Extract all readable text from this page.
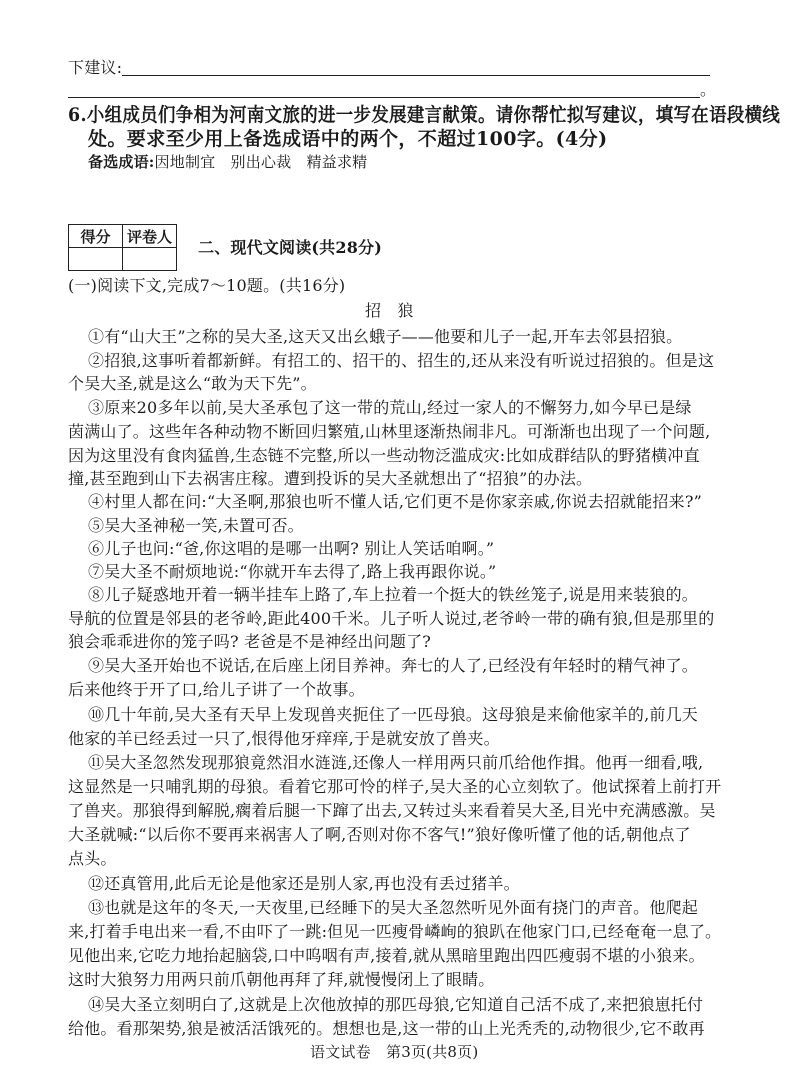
下建议:
。
6.小组成员们争相为河南文旅的进一步发展建言献策。请你帮忙拟写建议，填写在语段横线
处。要求至少用上备选成语中的两个，不超过100字。(4分)
备选成语:因地制宜　别出心裁　精益求精
得分	评卷人

二、现代文阅读(共28分)
(一)阅读下文,完成7～10题。(共16分)
招　狼
①有“山大王”之称的吴大圣,这天又出幺蛾子——他要和儿子一起,开车去邻县招狼。
②招狼,这事听着都新鲜。有招工的、招干的、招生的,还从来没有听说过招狼的。但是这
个吴大圣,就是这么“敢为天下先”。
③原来20多年以前,吴大圣承包了这一带的荒山,经过一家人的不懈努力,如今早已是绿
茵满山了。这些年各种动物不断回归繁殖,山林里逐渐热闹非凡。可渐渐也出现了一个问题,
因为这里没有食肉猛兽,生态链不完整,所以一些动物泛滥成灾:比如成群结队的野猪横冲直
撞,甚至跑到山下去祸害庄稼。遭到投诉的吴大圣就想出了“招狼”的办法。
④村里人都在问:“大圣啊,那狼也听不懂人话,它们更不是你家亲戚,你说去招就能招来?”
⑤吴大圣神秘一笑,未置可否。
⑥儿子也问:“爸,你这唱的是哪一出啊? 别让人笑话咱啊。”
⑦吴大圣不耐烦地说:“你就开车去得了,路上我再跟你说。”
⑧儿子疑惑地开着一辆半挂车上路了,车上拉着一个挺大的铁丝笼子,说是用来装狼的。
导航的位置是邻县的老爷岭,距此400千米。儿子听人说过,老爷岭一带的确有狼,但是那里的
狼会乖乖进你的笼子吗? 老爸是不是神经出问题了?
⑨吴大圣开始也不说话,在后座上闭目养神。奔七的人了,已经没有年轻时的精气神了。
后来他终于开了口,给儿子讲了一个故事。
⑩几十年前,吴大圣有天早上发现兽夹扼住了一匹母狼。这母狼是来偷他家羊的,前几天
他家的羊已经丢过一只了,恨得他牙痒痒,于是就安放了兽夹。
⑪吴大圣忽然发现那狼竟然泪水涟涟,还像人一样用两只前爪给他作揖。他再一细看,哦,
这显然是一只哺乳期的母狼。看着它那可怜的样子,吴大圣的心立刻软了。他试探着上前打开
了兽夹。那狼得到解脱,瘸着后腿一下蹿了出去,又转过头来看着吴大圣,目光中充满感激。吴
大圣就喊:“以后你不要再来祸害人了啊,否则对你不客气!”狼好像听懂了他的话,朝他点了
点头。
⑫还真管用,此后无论是他家还是别人家,再也没有丢过猪羊。
⑬也就是这年的冬天,一天夜里,已经睡下的吴大圣忽然听见外面有挠门的声音。他爬起
来,打着手电出来一看,不由吓了一跳:但见一匹瘦骨嶙峋的狼趴在他家门口,已经奄奄一息了。
见他出来,它吃力地抬起脑袋,口中呜咽有声,接着,就从黑暗里跑出四匹瘦弱不堪的小狼来。
这时大狼努力用两只前爪朝他再拜了拜,就慢慢闭上了眼睛。
⑭吴大圣立刻明白了,这就是上次他放掉的那匹母狼,它知道自己活不成了,来把狼崽托付
给他。看那架势,狼是被活活饿死的。想想也是,这一带的山上光秃秃的,动物很少,它不敢再
语文试卷　第3页(共8页)
